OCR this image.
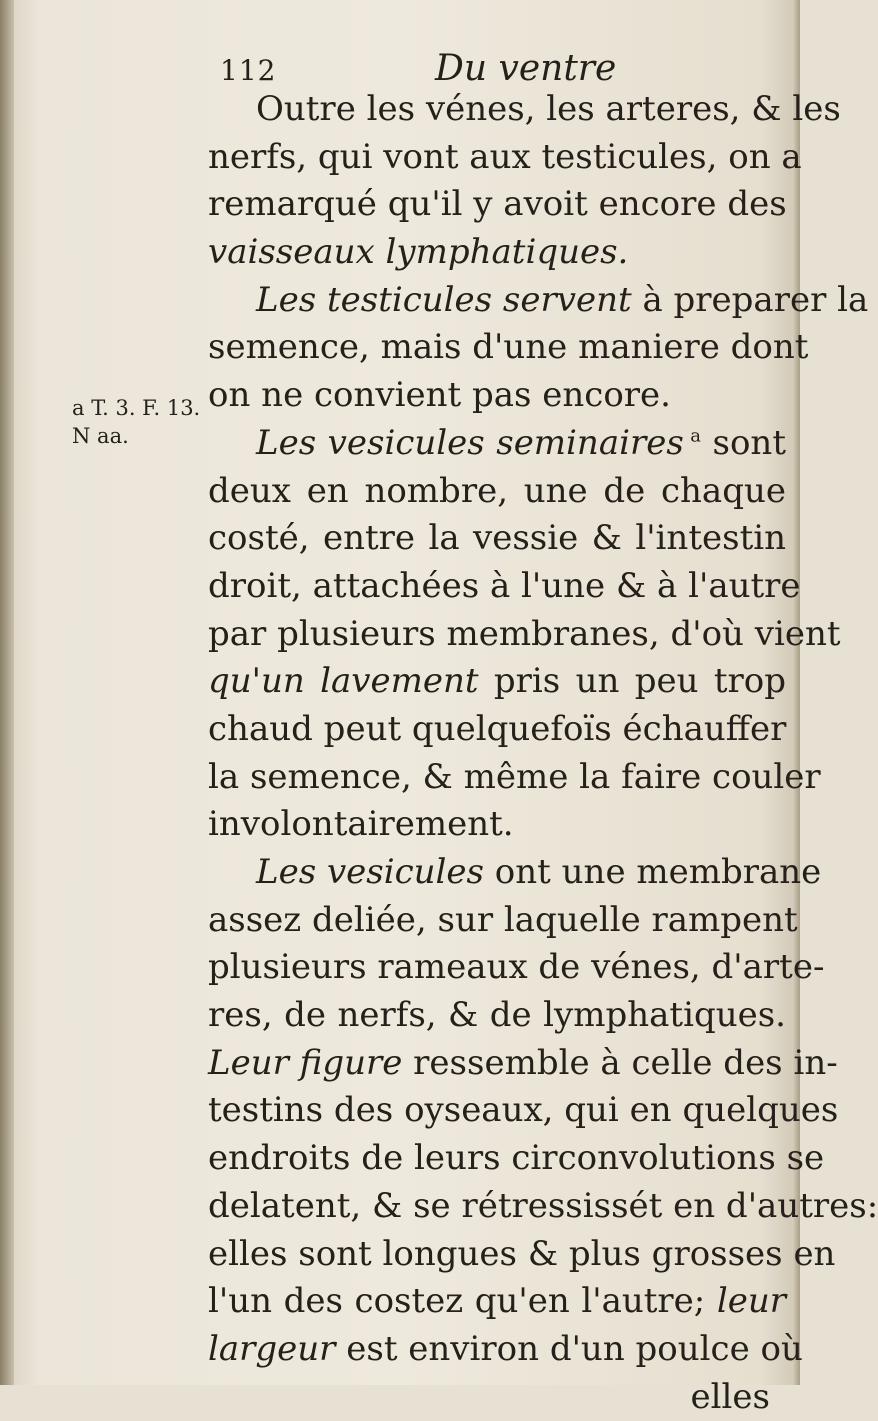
112	Du ventre
a T. 3. F. 13.
N aa.
Outre les vénes, les arteres, & les
nerfs, qui vont aux testicules, on a
remarqué qu'il y avoit encore des
vaisseaux lymphatiques.
Les testicules servent à preparer la
semence, mais d'une maniere dont
on ne convient pas encore.
Les vesicules seminaires $^a$ sont
deux en nombre, une de chaque
costé, entre la vessie & l'intestin
droit, attachées à l'une & à l'autre
par plusieurs membranes, d'où vient
qu'un lavement pris un peu trop
chaud peut quelquefoïs échauffer
la semence, & même la faire couler
involontairement.
Les vesicules ont une membrane
assez deliée, sur laquelle rampent
plusieurs rameaux de vénes, d'arte-
res, de nerfs, & de lymphatiques.
Leur figure ressemble à celle des in-
testins des oyseaux, qui en quelques
endroits de leurs circonvolutions se
delatent, & se rétressissét en d'autres:
elles sont longues & plus grosses en
l'un des costez qu'en l'autre; leur
largeur est environ d'un poulce où
elles
